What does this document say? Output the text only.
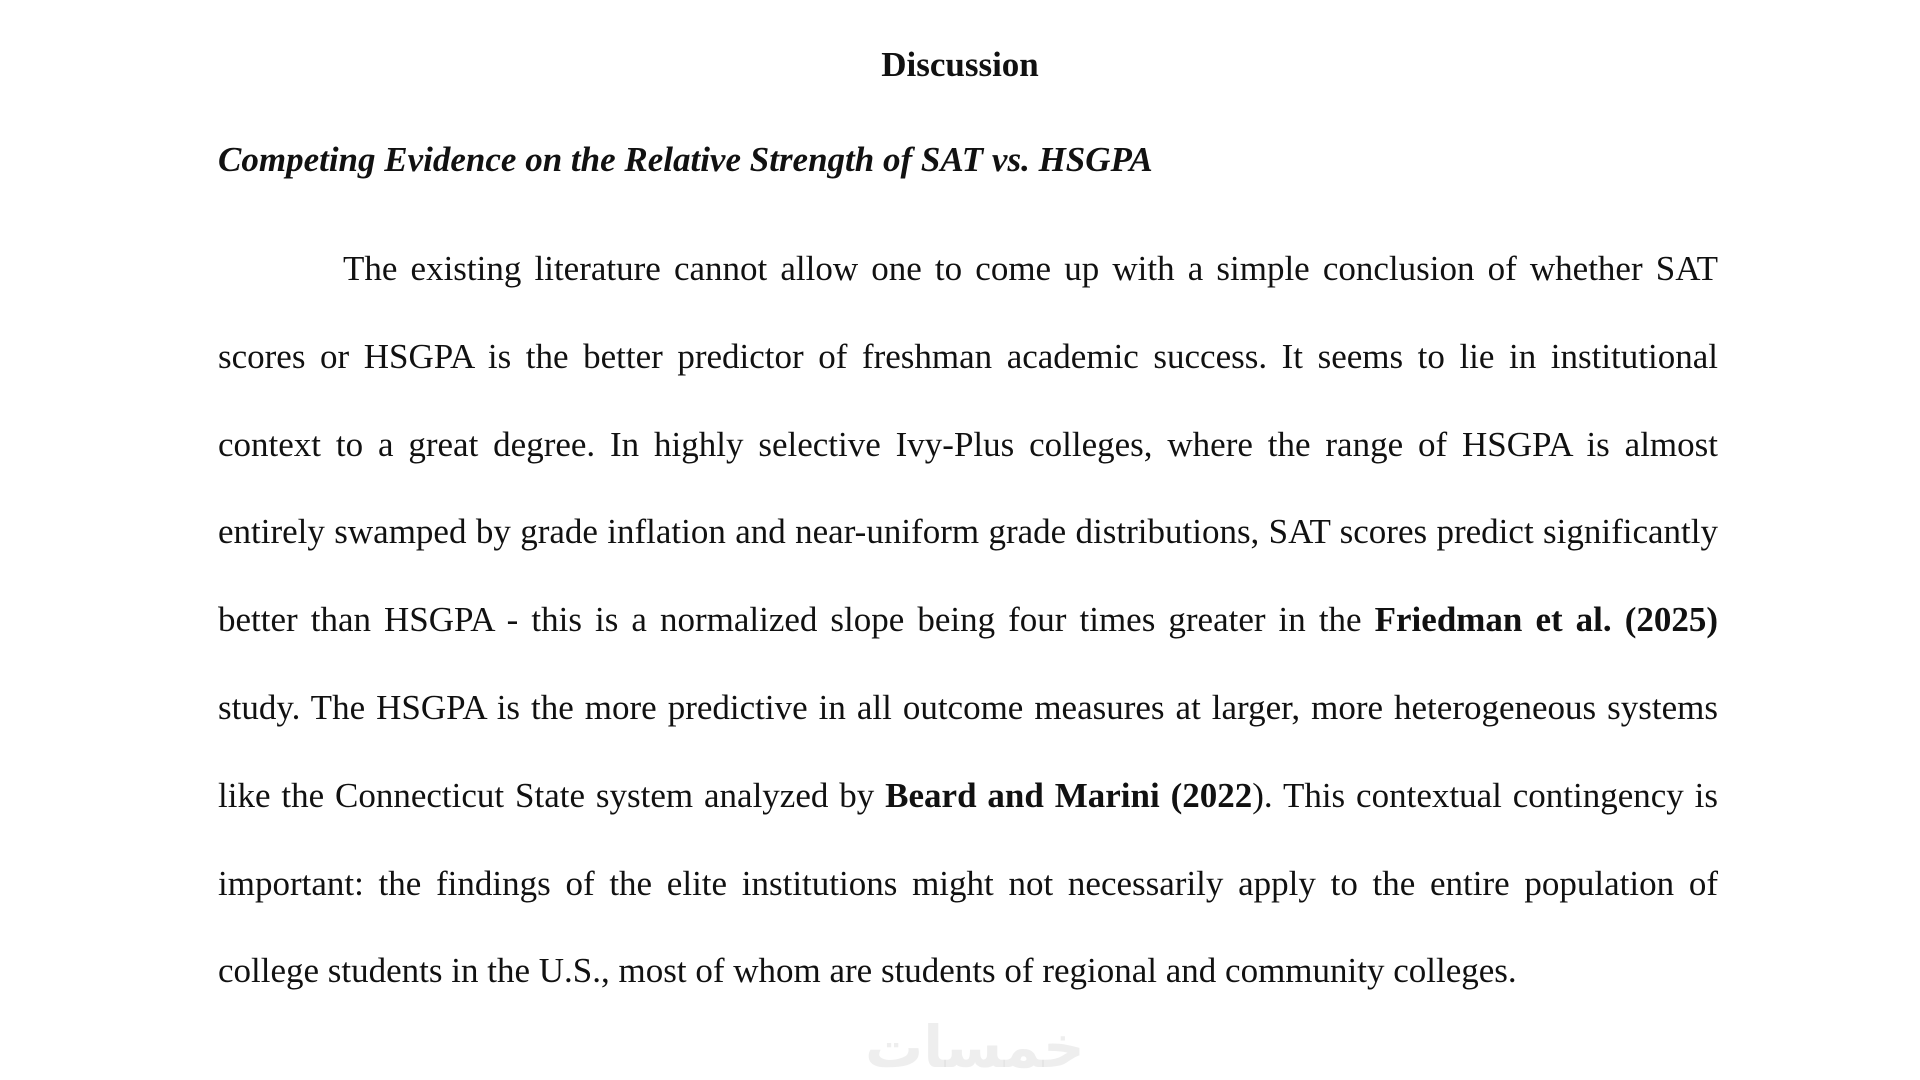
Discussion
Competing Evidence on the Relative Strength of SAT vs. HSGPA

The existing literature cannot allow one to come up with a simple conclusion of whether SAT scores or HSGPA is the better predictor of freshman academic success. It seems to lie in institutional context to a great degree. In highly selective Ivy-Plus colleges, where the range of HSGPA is almost entirely swamped by grade inflation and near-uniform grade distributions, SAT scores predict significantly better than HSGPA - this is a normalized slope being four times greater in the Friedman et al. (2025) study. The HSGPA is the more predictive in all outcome measures at larger, more heterogeneous systems like the Connecticut State system analyzed by Beard and Marini (2022). This contextual contingency is important: the findings of the elite institutions might not necessarily apply to the entire population of college students in the U.S., most of whom are students of regional and community colleges.

خمسات
